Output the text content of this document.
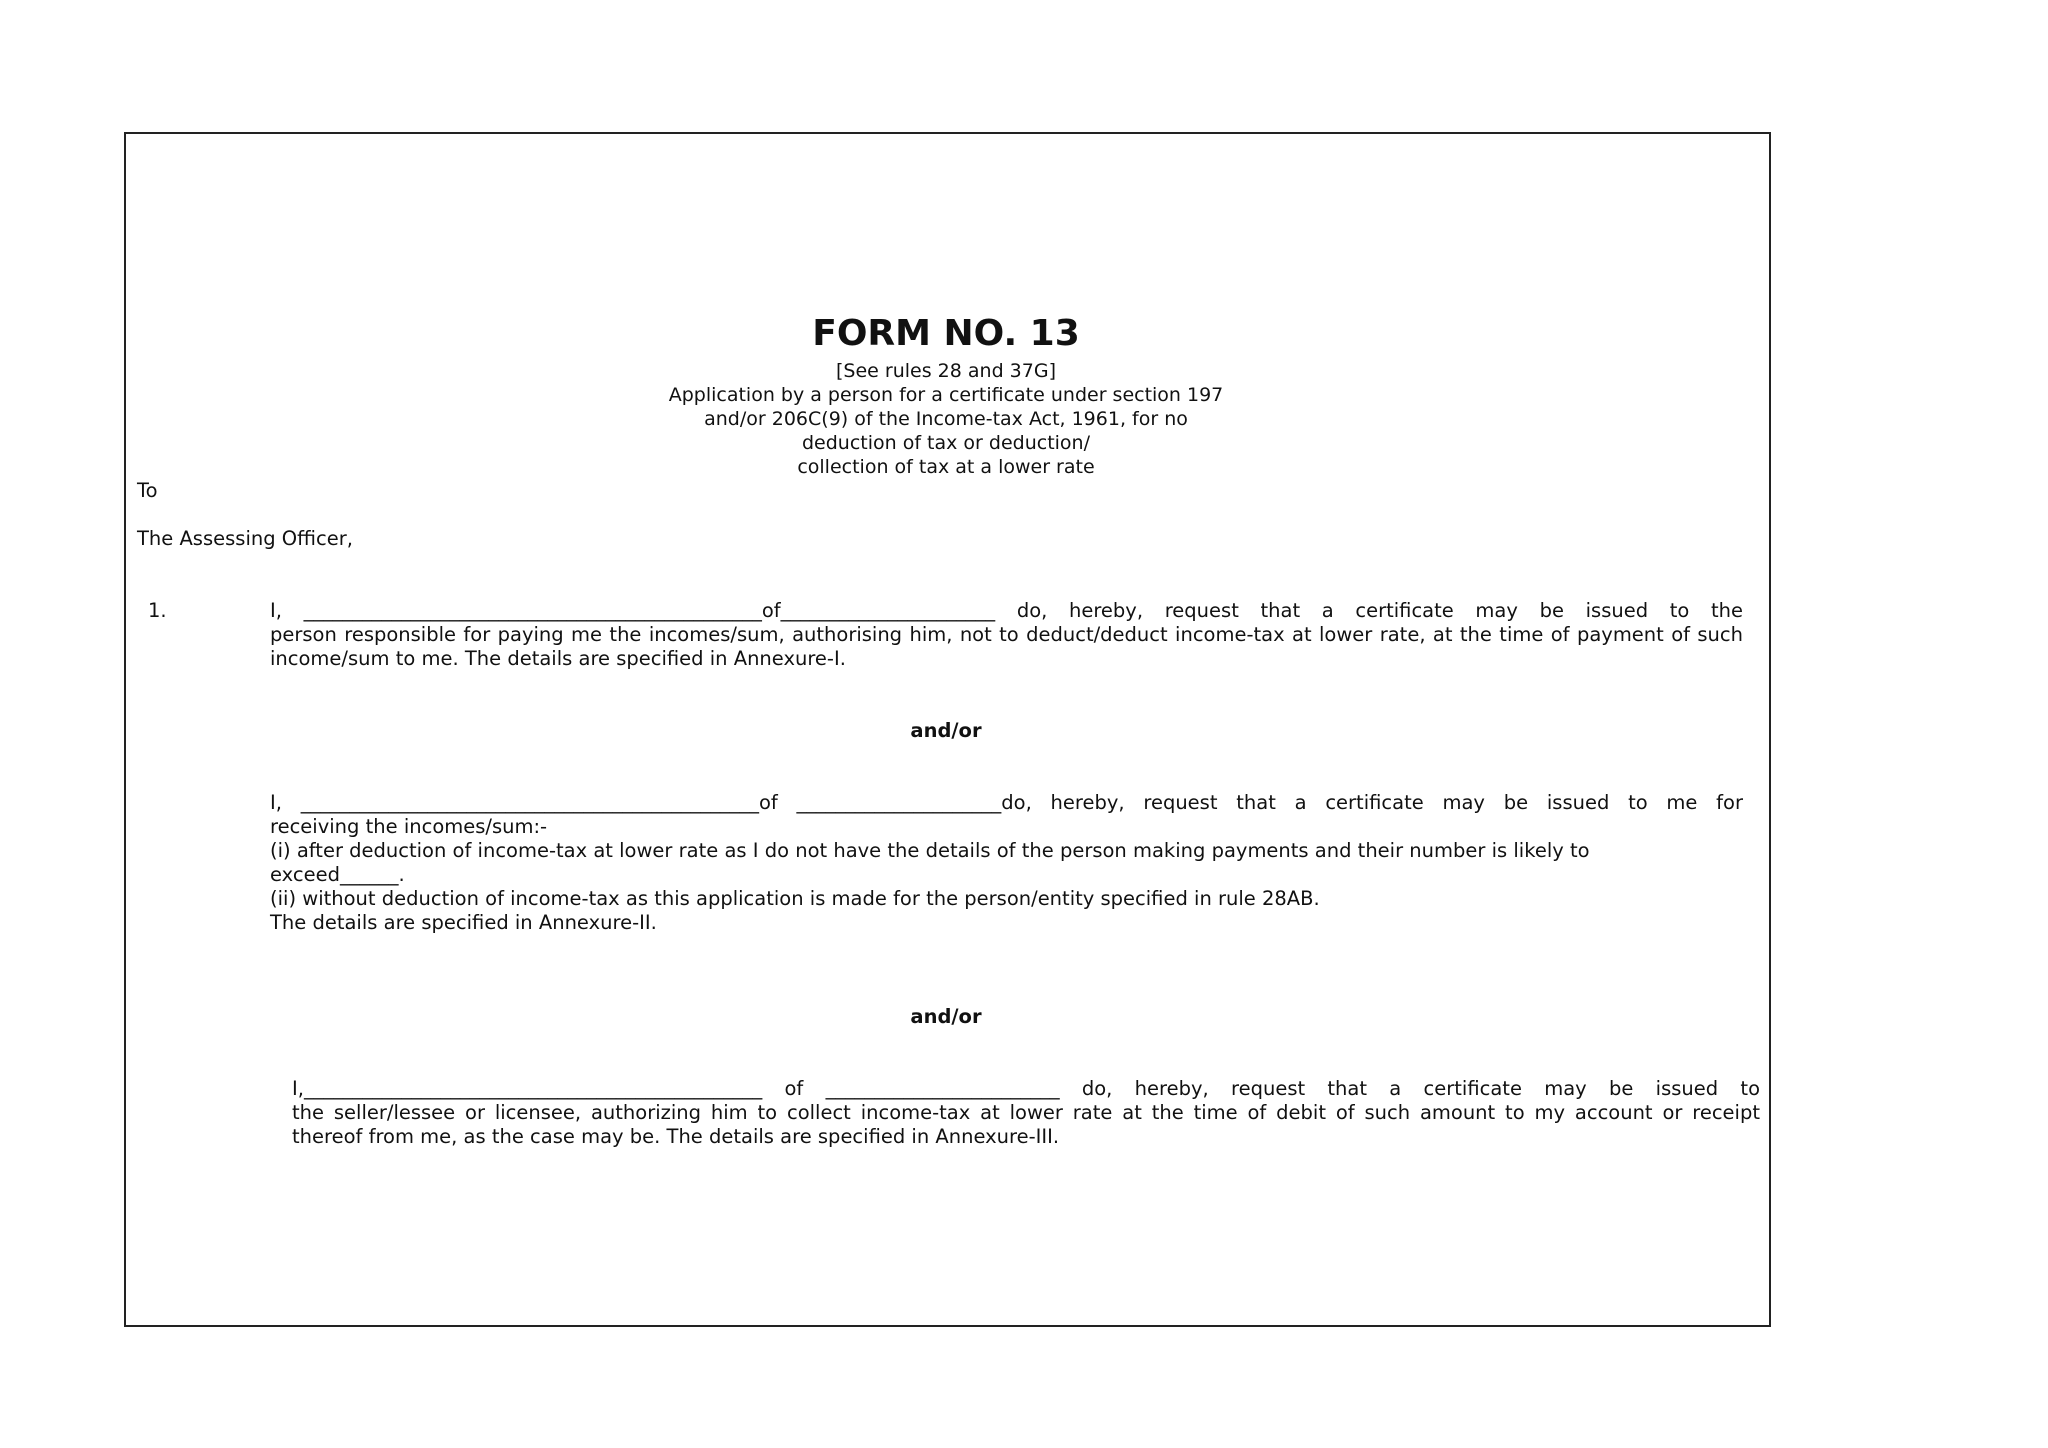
FORM NO. 13
[See rules 28 and 37G]
Application by a person for a certificate under section 197
and/or 206C(9) of the Income-tax Act, 1961, for no
deduction of tax or deduction/
collection of tax at a lower rate
To
The Assessing Officer,
1.	I, _______________________________________________of______________________ do, hereby, request that a certificate may be issued to the
person responsible for paying me the incomes/sum, authorising him, not to deduct/deduct income-tax at lower rate, at the time of payment of such
income/sum to me. The details are specified in Annexure-I.
and/or
I, _______________________________________________of _____________________do, hereby, request that a certificate may be issued to me for
receiving the incomes/sum:-
(i) after deduction of income-tax at lower rate as I do not have the details of the person making payments and their number is likely to
exceed______.
(ii) without deduction of income-tax as this application is made for the person/entity specified in rule 28AB.
The details are specified in Annexure-II.
and/or
I,_______________________________________________ of ________________________ do, hereby, request that a certificate may be issued to
the seller/lessee or licensee, authorizing him to collect income-tax at lower rate at the time of debit of such amount to my account or receipt
thereof from me, as the case may be. The details are specified in Annexure-III.
